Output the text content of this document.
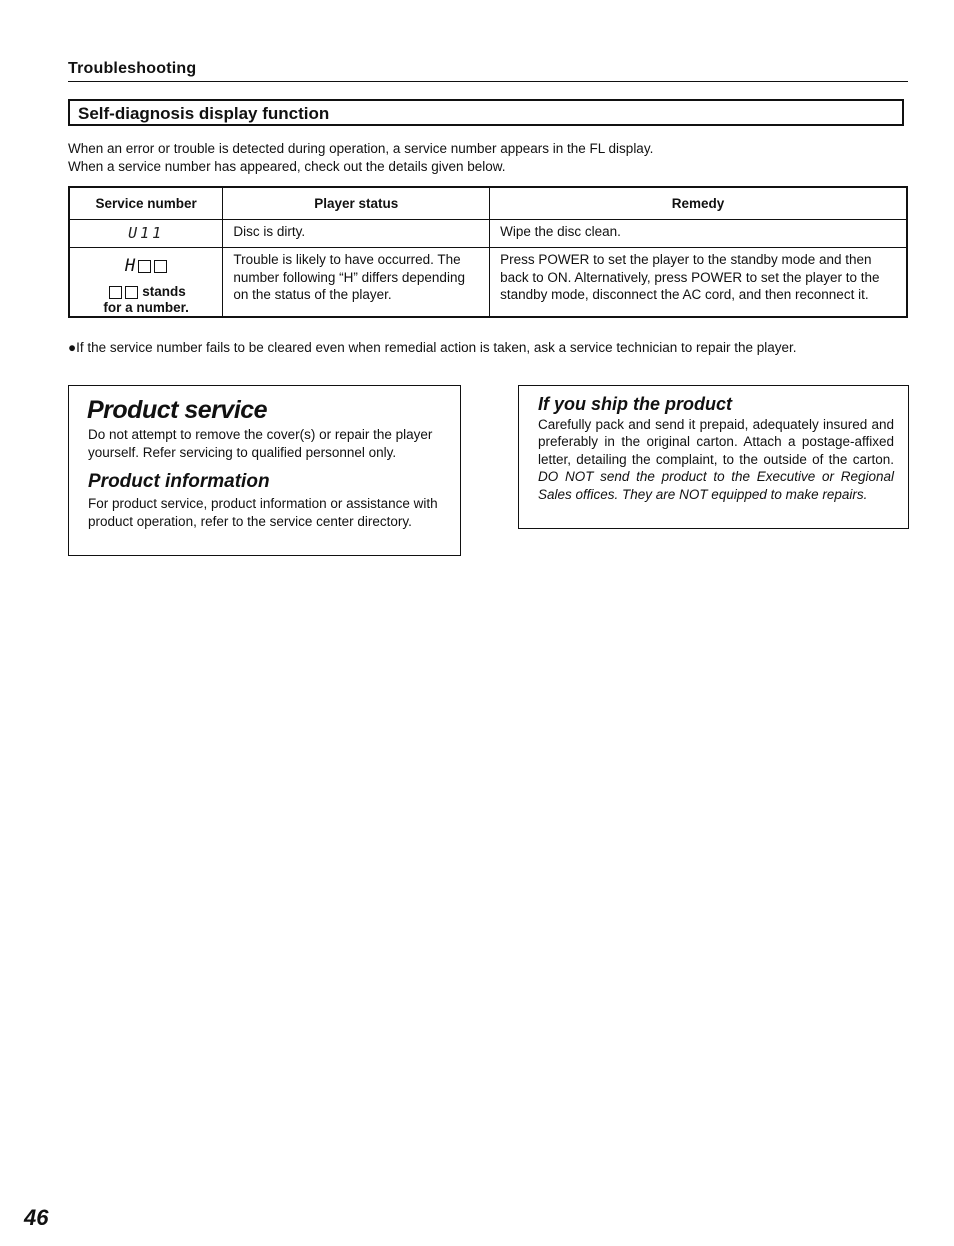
Troubleshooting
Self-diagnosis display function
When an error or trouble is detected during operation, a service number appears in the FL display.
When a service number has appeared, check out the details given below.
Service number	Player status	Remedy

U11	Disc is dirty.	Wipe the disc clean.

H
stands
for a number.	Trouble is likely to have occurred. The number following “H” differs depending on the status of the player.	Press POWER to set the player to the standby mode and then back to ON. Alternatively, press POWER to set the player to the standby mode, disconnect the AC cord, and then reconnect it.
●If the service number fails to be cleared even when remedial action is taken, ask a service technician to repair the player.
Product service
Do not attempt to remove the cover(s) or repair the player yourself. Refer servicing to qualified personnel only.
Product information
For product service, product information or assistance with product operation, refer to the service center directory.
If you ship the product
Carefully pack and send it prepaid, adequately insured and preferably in the original carton. Attach a postage-affixed letter, detailing the complaint, to the outside of the carton. DO NOT send the product to the Executive or Regional Sales offices. They are NOT equipped to make repairs.
46
